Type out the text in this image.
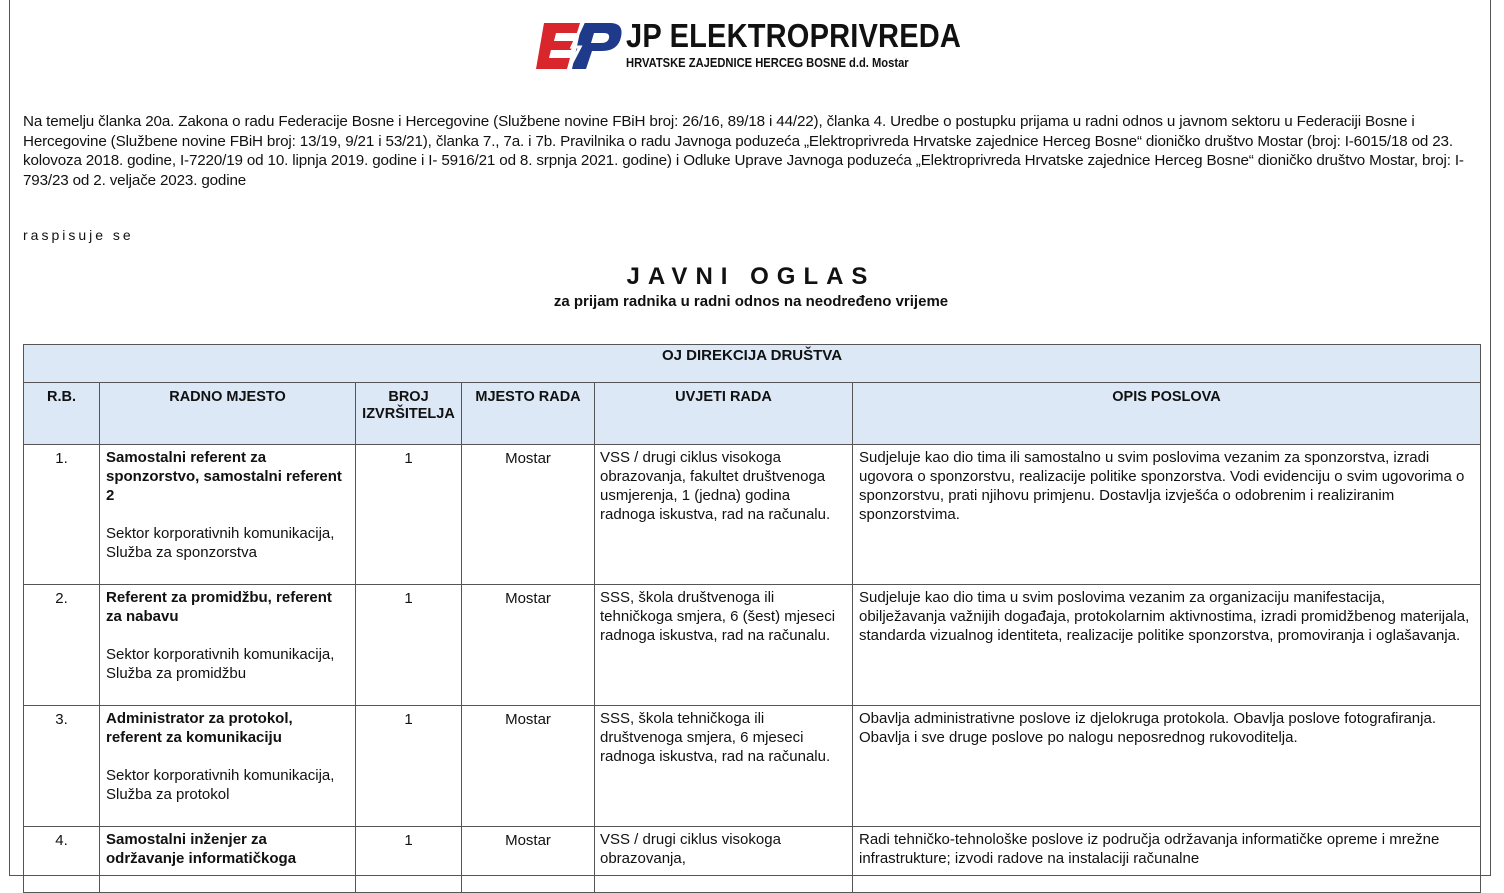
JP ELEKTROPRIVREDA
HRVATSKE ZAJEDNICE HERCEG BOSNE d.d. Mostar
Na temelju članka 20a. Zakona o radu Federacije Bosne i Hercegovine (Službene novine FBiH broj: 26/16, 89/18 i 44/22), članka 4. Uredbe o postupku prijama u radni odnos u javnom sektoru u Federaciji Bosne i Hercegovine (Službene novine FBiH broj: 13/19, 9/21 i 53/21), članka 7., 7a. i 7b. Pravilnika o radu Javnoga poduzeća „Elektroprivreda Hrvatske zajednice Herceg Bosne“ dioničko društvo Mostar (broj: I-6015/18 od 23. kolovoza 2018. godine, I-7220/19 od 10. lipnja 2019. godine i I- 5916/21 od 8. srpnja 2021. godine) i Odluke Uprave Javnoga poduzeća „Elektroprivreda Hrvatske zajednice Herceg Bosne“ dioničko društvo Mostar, broj: I-793/23 od 2. veljače 2023. godine
raspisuje se
JAVNI OGLAS
za prijam radnika u radni odnos na neodređeno vrijeme
OJ DIREKCIJA DRUŠTVA					
R.B.	RADNO MJESTO	BROJ
IZVRŠITELJA	MJESTO RADA	UVJETI RADA	OPIS POSLOVA
1.	Samostalni referent za sponzorstvo, samostalni referent 2
Sektor korporativnih komunikacija, Služba za sponzorstva	1	Mostar	VSS / drugi ciklus visokoga obrazovanja, fakultet društvenoga usmjerenja, 1 (jedna) godina radnoga iskustva, rad na računalu.	Sudjeluje kao dio tima ili samostalno u svim poslovima vezanim za sponzorstva, izradi ugovora o sponzorstvu, realizacije politike sponzorstva. Vodi evidenciju o svim ugovorima o sponzorstvu, prati njihovu primjenu. Dostavlja izvješća o odobrenim i realiziranim sponzorstvima.
2.	Referent za promidžbu, referent za nabavu
Sektor korporativnih komunikacija, Služba za promidžbu	1	Mostar	SSS, škola društvenoga ili tehničkoga smjera, 6 (šest) mjeseci radnoga iskustva, rad na računalu.	Sudjeluje kao dio tima u svim poslovima vezanim za organizaciju manifestacija, obilježavanja važnijih događaja, protokolarnim aktivnostima, izradi promidžbenog materijala, standarda vizualnog identiteta, realizacije politike sponzorstva, promoviranja i oglašavanja.
3.	Administrator za protokol, referent za komunikaciju
Sektor korporativnih komunikacija, Služba za protokol	1	Mostar	SSS, škola tehničkoga ili društvenoga smjera, 6 mjeseci radnoga iskustva, rad na računalu.	Obavlja administrativne poslove iz djelokruga protokola. Obavlja poslove fotografiranja.
Obavlja i sve druge poslove po nalogu neposrednog rukovoditelja.
4.	Samostalni inženjer za održavanje informatičkoga	1	Mostar	VSS / drugi ciklus visokoga obrazovanja,	Radi tehničko-tehnološke poslove iz područja održavanja informatičke opreme i mrežne infrastrukture; izvodi radove na instalaciji računalne
